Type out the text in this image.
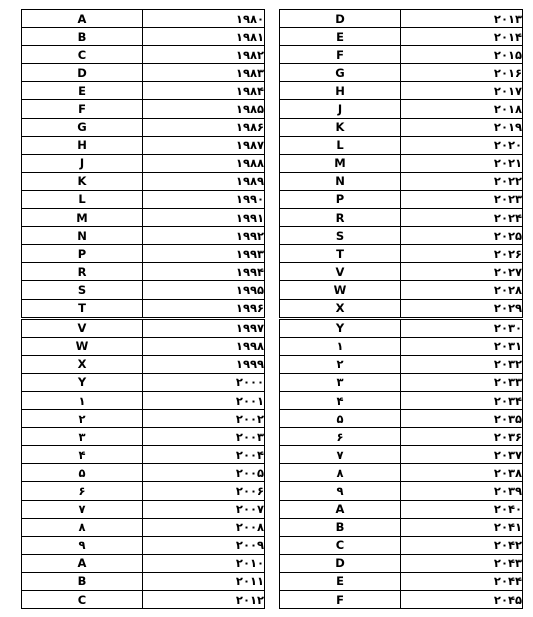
A	۱۹۸۰
B	۱۹۸۱
C	۱۹۸۲
D	۱۹۸۳
E	۱۹۸۴
F	۱۹۸۵
G	۱۹۸۶
H	۱۹۸۷
J	۱۹۸۸
K	۱۹۸۹
L	۱۹۹۰
M	۱۹۹۱
N	۱۹۹۲
P	۱۹۹۳
R	۱۹۹۴
S	۱۹۹۵
T	۱۹۹۶
V	۱۹۹۷
W	۱۹۹۸
X	۱۹۹۹
Y	۲۰۰۰
۱	۲۰۰۱
۲	۲۰۰۲
۳	۲۰۰۳
۴	۲۰۰۴
۵	۲۰۰۵
۶	۲۰۰۶
۷	۲۰۰۷
۸	۲۰۰۸
۹	۲۰۰۹
A	۲۰۱۰
B	۲۰۱۱
C	۲۰۱۲
D	۲۰۱۳
E	۲۰۱۴
F	۲۰۱۵
G	۲۰۱۶
H	۲۰۱۷
J	۲۰۱۸
K	۲۰۱۹
L	۲۰۲۰
M	۲۰۲۱
N	۲۰۲۲
P	۲۰۲۳
R	۲۰۲۴
S	۲۰۲۵
T	۲۰۲۶
V	۲۰۲۷
W	۲۰۲۸
X	۲۰۲۹
Y	۲۰۳۰
۱	۲۰۳۱
۲	۲۰۳۲
۳	۲۰۳۳
۴	۲۰۳۴
۵	۲۰۳۵
۶	۲۰۳۶
۷	۲۰۳۷
۸	۲۰۳۸
۹	۲۰۳۹
A	۲۰۴۰
B	۲۰۴۱
C	۲۰۴۲
D	۲۰۴۳
E	۲۰۴۴
F	۲۰۴۵
